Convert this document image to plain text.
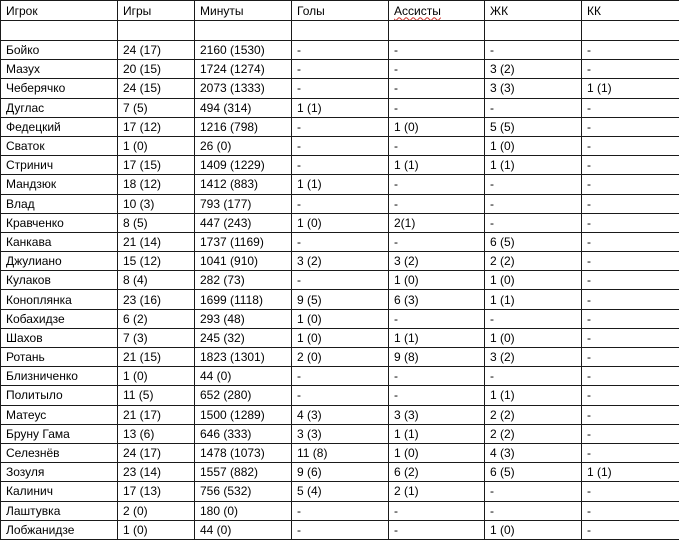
Игрок	Игры	Минуты	Голы	Ассисты	ЖК	КК

Бойко	24 (17)	2160 (1530)	-	-	-	-
Мазух	20 (15)	1724 (1274)	-	-	3 (2)	-
Чеберячко	24 (15)	2073 (1333)	-	-	3 (3)	1 (1)
Дуглас	7 (5)	494 (314)	1 (1)	-	-	-
Федецкий	17 (12)	1216 (798)	-	1 (0)	5 (5)	-
Сваток	1 (0)	26 (0)	-	-	1 (0)	-
Стринич	17 (15)	1409 (1229)	-	1 (1)	1 (1)	-
Мандзюк	18 (12)	1412 (883)	1 (1)	-	-	-
Влад	10 (3)	793 (177)	-	-	-	-
Кравченко	8 (5)	447 (243)	1 (0)	2(1)	-	-
Канкава	21 (14)	1737 (1169)	-	-	6 (5)	-
Джулиано	15 (12)	1041 (910)	3 (2)	3 (2)	2 (2)	-
Кулаков	8 (4)	282 (73)	-	1 (0)	1 (0)	-
Коноплянка	23 (16)	1699 (1118)	9 (5)	6 (3)	1 (1)	-
Кобахидзе	6 (2)	293 (48)	1 (0)	-	-	-
Шахов	7 (3)	245 (32)	1 (0)	1 (1)	1 (0)	-
Ротань	21 (15)	1823 (1301)	2 (0)	9 (8)	3 (2)	-
Близниченко	1 (0)	44 (0)	-	-	-	-
Политыло	11 (5)	652 (280)	-	-	1 (1)	-
Матеус	21 (17)	1500 (1289)	4 (3)	3 (3)	2 (2)	-
Бруну Гама	13 (6)	646 (333)	3 (3)	1 (1)	2 (2)	-
Селезнёв	24 (17)	1478 (1073)	11 (8)	1 (0)	4 (3)	-
Зозуля	23 (14)	1557 (882)	9 (6)	6 (2)	6 (5)	1 (1)
Калинич	17 (13)	756 (532)	5 (4)	2 (1)	-	-
Лаштувка	2 (0)	180 (0)	-	-	-	-
Лобжанидзе	1 (0)	44 (0)	-	-	1 (0)	-
